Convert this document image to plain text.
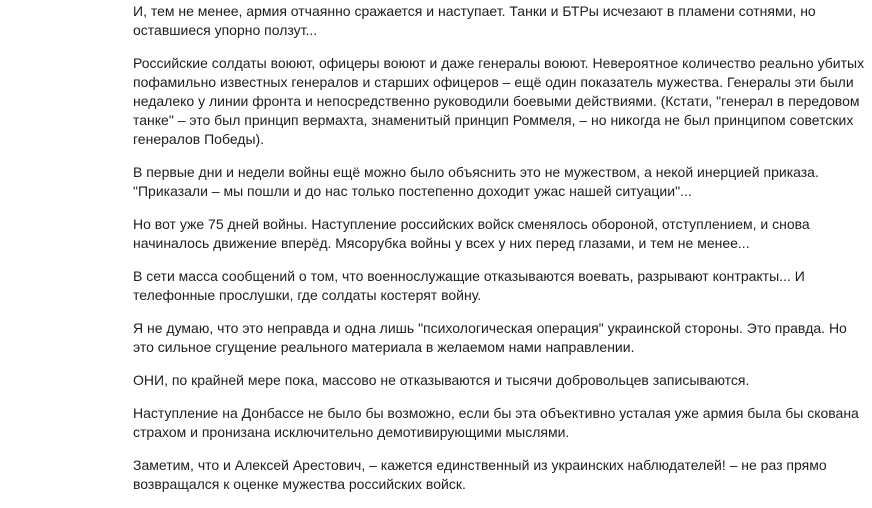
И, тем не менее, армия отчаянно сражается и наступает. Танки и БТРы исчезают в пламени сотнями, но оставшиеся упорно ползут...

Российские солдаты воюют, офицеры воюют и даже генералы воюют. Невероятное количество реально убитых пофамильно известных генералов и старших офицеров – ещё один показатель мужества. Генералы эти были недалеко у линии фронта и непосредственно руководили боевыми действиями. (Кстати, "генерал в передовом танке" – это был принцип вермахта, знаменитый принцип Роммеля, – но никогда не был принципом советских генералов Победы).

В первые дни и недели войны ещё можно было объяснить это не мужеством, а некой инерцией приказа. "Приказали – мы пошли и до нас только постепенно доходит ужас нашей ситуации"...

Но вот уже 75 дней войны. Наступление российских войск сменялось обороной, отступлением, и снова начиналось движение вперёд. Мясорубка войны у всех у них перед глазами, и тем не менее...

В сети масса сообщений о том, что военнослужащие отказываются воевать, разрывают контракты... И телефонные прослушки, где солдаты костерят войну.

Я не думаю, что это неправда и одна лишь "психологическая операция" украинской стороны. Это правда. Но это сильное сгущение реального материала в желаемом нами направлении.

ОНИ, по крайней мере пока, массово не отказываются и тысячи добровольцев записываются.

Наступление на Донбассе не было бы возможно, если бы эта объективно усталая уже армия была бы скована страхом и пронизана исключительно демотивирующими мыслями.

Заметим, что и Алексей Арестович, – кажется единственный из украинских наблюдателей! – не раз прямо возвращался к оценке мужества российских войск.
